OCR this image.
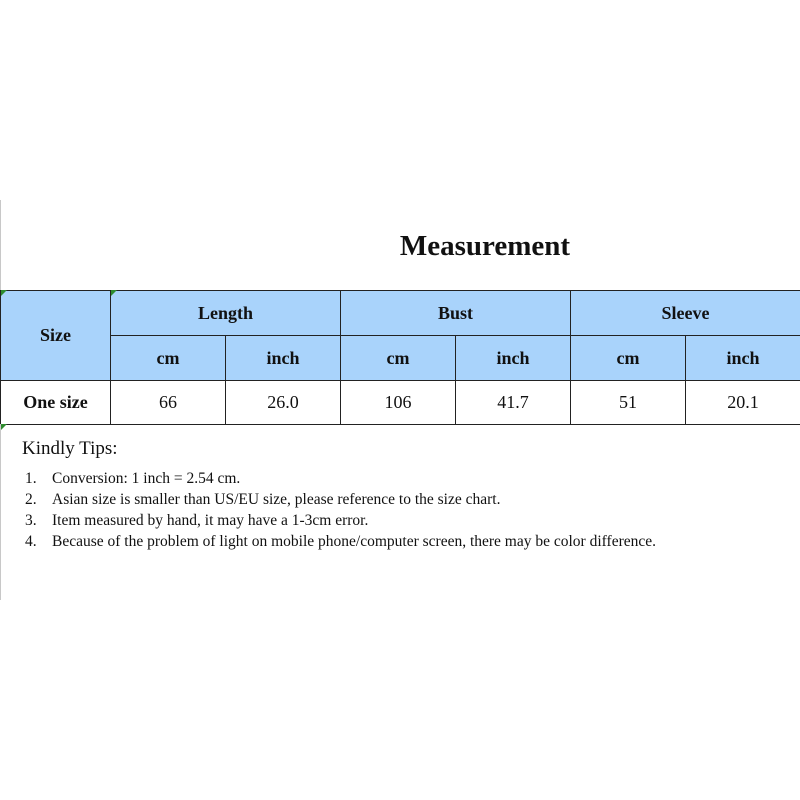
Measurement
Size	Length		Bust		Sleeve	
	cm	inch	cm	inch	cm	inch
One size	66	26.0	106	41.7	51	20.1
Kindly Tips:
1. Conversion: 1 inch = 2.54 cm.
2. Asian size is smaller than US/EU size, please reference to the size chart.
3. Item measured by hand, it may have a 1-3cm error.
4. Because of the problem of light on mobile phone/computer screen, there may be color difference.
